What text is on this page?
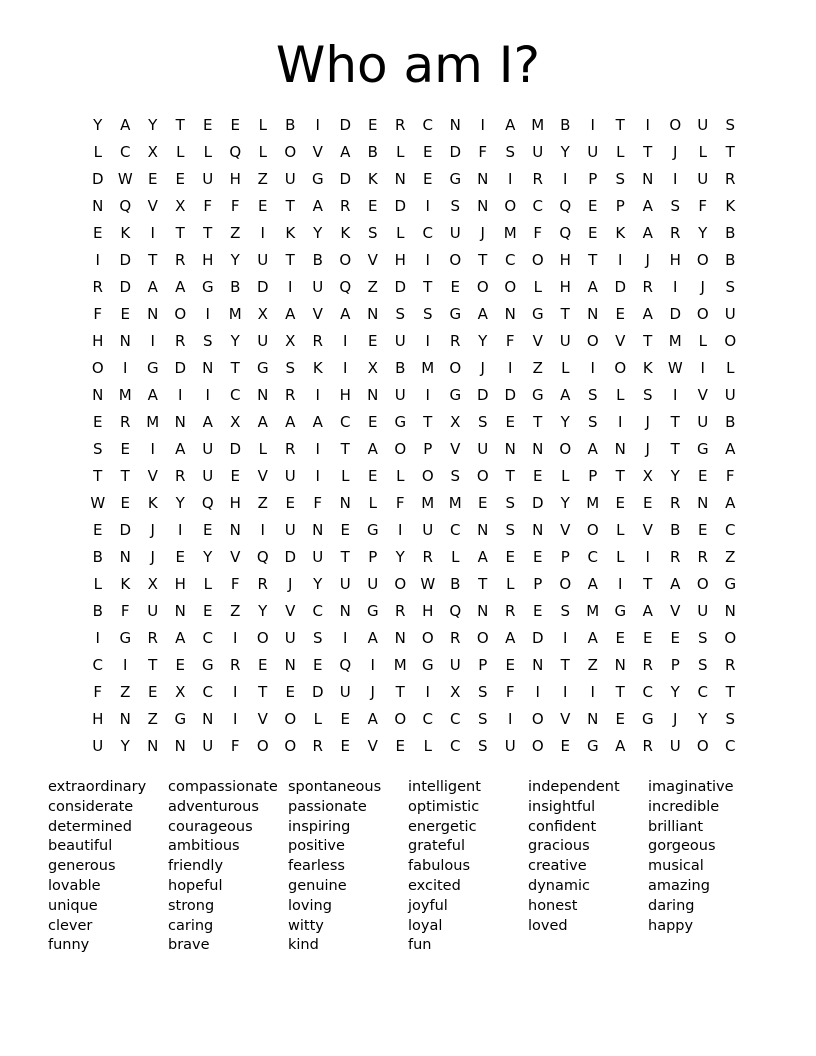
Who am I?
Y	A	Y	T	E	E	L	B	I	D	E	R	C	N	I	A	M	B	I	T	I	O	U	S
L	C	X	L	L	Q	L	O	V	A	B	L	E	D	F	S	U	Y	U	L	T	J	L	T
D W	E	E	U	H	Z	U	G	D	K	N	E	G	N	I	R	I	P	S	N	I	U	R
N	Q	V	X	F	F	E	T	A	R	E	D	I	S	N	O	C	Q	E	P	A	S	F	K
E	K	I	T	T	Z	I	K	Y	K	S	L	C	U	J	M	F	Q	E	K	A	R	Y	B
I	D	T	R	H	Y	U	T	B	O	V	H	I	O	T	C	O	H	T	I	J	H	O	B
R	D	A	A	G	B	D	I	U	Q	Z	D	T	E	O	O	L	H	A	D	R	I	J	S
F	E	N	O	I	M	X	A	V	A	N	S	S	G	A	N	G	T	N	E	A	D	O	U
H	N	I	R	S	Y	U	X	R	I	E	U	I	R	Y	F	V	U	O	V	T	M	L	O
O	I	G	D	N	T	G	S	K	I	X	B	M	O	J	I	Z	L	I	O	K	W	I	L
N	M	A	I	I	C	N	R	I	H	N	U	I	G	D	D	G	A	S	L	S	I	V	U
E	R	M	N	A	X	A	A	A	C	E	G	T	X	S	E	T	Y	S	I	J	T	U	B
S	E	I	A	U	D	L	R	I	T	A	O	P	V	U	N	N	O	A	N	J	T	G	A
T	T	V	R	U	E	V	U	I	L	E	L	O	S	O	T	E	L	P	T	X	Y	E	F
W	E	K	Y	Q	H	Z	E	F	N	L	F	M M	E	S	D	Y	M	E	E	R	N	A
E	D	J	I	E	N	I	U	N	E	G	I	U	C	N	S	N	V	O	L	V	B	E	C
B	N	J	E	Y	V	Q	D	U	T	P	Y	R	L	A	E	E	P	C	L	I	R	R	Z
L	K	X	H	L	F	R	J	Y	U	U	O W B	T	L	P	O	A	I	T	A	O	G
B	F	U	N	E	Z	Y	V	C	N	G	R	H	Q	N	R	E	S	M	G	A	V	U	N
I	G	R	A	C	I	O	U	S	I	A	N	O	R	O	A	D	I	A	E	E	E	S	O
C	I	T	E	G	R	E	N	E	Q	I	M	G	U	P	E	N	T	Z	N	R	P	S	R
F	Z	E	X	C	I	T	E	D	U	J	T	I	X	S	F	I	I	I	T	C	Y	C	T
H	N	Z	G	N	I	V	O	L	E	A	O	C	C	S	I	O	V	N	E	G	J	Y	S
U	Y	N	N	U	F	O	O	R	E	V	E	L	C	S	U	O	E	G	A	R	U	O	C
extraordinary
considerate
determined
beautiful
generous
lovable
unique
clever
funny
compassionate
adventurous
courageous
ambitious
friendly
hopeful
strong
caring
brave
spontaneous
passionate
inspiring
positive
fearless
genuine
loving
witty
kind
intelligent
optimistic
energetic
grateful
fabulous
excited
joyful
loyal
fun
independent
insightful
confident
gracious
creative
dynamic
honest
loved
imaginative
incredible
brilliant
gorgeous
musical
amazing
daring
happy
